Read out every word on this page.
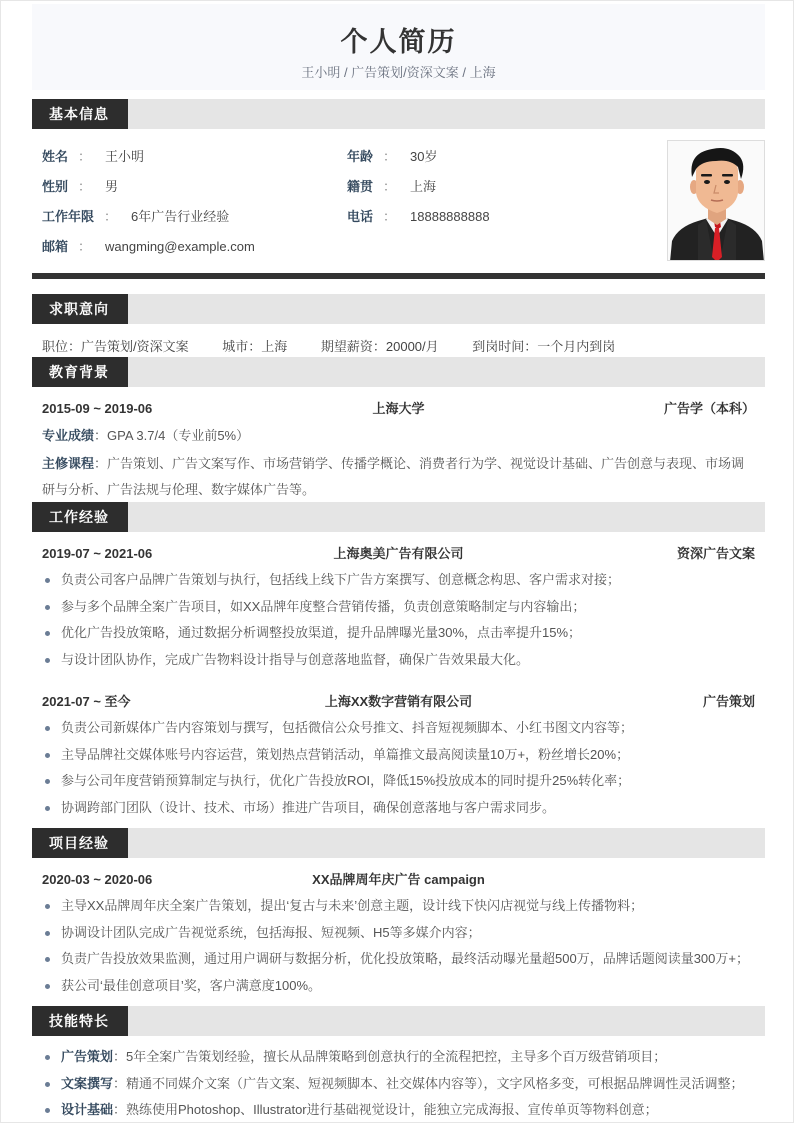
个人简历
王小明 / 广告策划/资深文案 / 上海
基本信息
姓名 ： 王小明	年龄 ： 30岁
性别 ： 男	籍贯 ： 上海
工作年限 ： 6年广告行业经验	电话 ： 18888888888
邮箱 ： wangming@example.com
求职意向
职位：广告策划/资深文案	城市：上海	期望薪资：20000/月	到岗时间：一个月内到岗
教育背景
2015-09 ~ 2019-06	上海大学	广告学（本科）
专业成绩：GPA 3.7/4（专业前5%）
主修课程：广告策划、广告文案写作、市场营销学、传播学概论、消费者行为学、视觉设计基础、广告创意与表现、市场调研与分析、广告法规与伦理、数字媒体广告等。
工作经验
2019-07 ~ 2021-06	上海奥美广告有限公司	资深广告文案
负责公司客户品牌广告策划与执行，包括线上线下广告方案撰写、创意概念构思、客户需求对接；
参与多个品牌全案广告项目，如XX品牌年度整合营销传播，负责创意策略制定与内容输出；
优化广告投放策略，通过数据分析调整投放渠道，提升品牌曝光量30%，点击率提升15%；
与设计团队协作，完成广告物料设计指导与创意落地监督，确保广告效果最大化。
2021-07 ~ 至今	上海XX数字营销有限公司	广告策划
负责公司新媒体广告内容策划与撰写，包括微信公众号推文、抖音短视频脚本、小红书图文内容等；
主导品牌社交媒体账号内容运营，策划热点营销活动，单篇推文最高阅读量10万+，粉丝增长20%；
参与公司年度营销预算制定与执行，优化广告投放ROI，降低15%投放成本的同时提升25%转化率；
协调跨部门团队（设计、技术、市场）推进广告项目，确保创意落地与客户需求同步。
项目经验
2020-03 ~ 2020-06	XX品牌周年庆广告 campaign
主导XX品牌周年庆全案广告策划，提出‘复古与未来’创意主题，设计线下快闪店视觉与线上传播物料；
协调设计团队完成广告视觉系统，包括海报、短视频、H5等多媒介内容；
负责广告投放效果监测，通过用户调研与数据分析，优化投放策略，最终活动曝光量超500万，品牌话题阅读量300万+；
获公司‘最佳创意项目’奖，客户满意度100%。
技能特长
广告策划：5年全案广告策划经验，擅长从品牌策略到创意执行的全流程把控，主导多个百万级营销项目；
文案撰写：精通不同媒介文案（广告文案、短视频脚本、社交媒体内容等），文字风格多变，可根据品牌调性灵活调整；
设计基础：熟练使用Photoshop、Illustrator进行基础视觉设计，能独立完成海报、宣传单页等物料创意；
